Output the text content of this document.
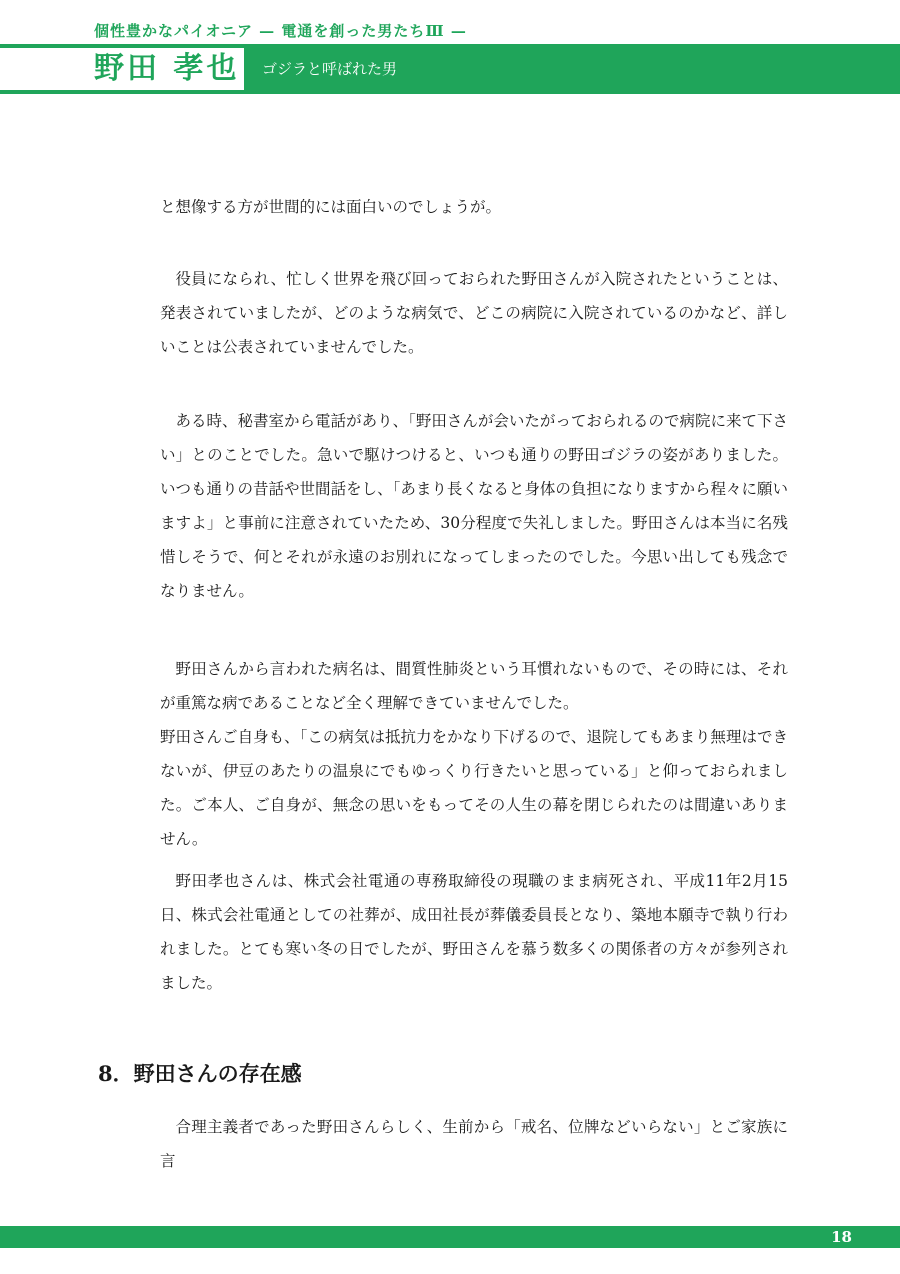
個性豊かなパイオニア — 電通を創った男たちⅢ —
野田 孝也 ゴジラと呼ばれた男

と想像する方が世間的には面白いのでしょうが。

役員になられ、忙しく世界を飛び回っておられた野田さんが入院されたということは、発表されていましたが、どのような病気で、どこの病院に入院されているのかなど、詳しいことは公表されていませんでした。

ある時、秘書室から電話があり、「野田さんが会いたがっておられるので病院に来て下さい」とのことでした。急いで駆けつけると、いつも通りの野田ゴジラの姿がありました。いつも通りの昔話や世間話をし、「あまり長くなると身体の負担になりますから程々に願いますよ」と事前に注意されていたため、30分程度で失礼しました。野田さんは本当に名残惜しそうで、何とそれが永遠のお別れになってしまったのでした。今思い出しても残念でなりません。

野田さんから言われた病名は、間質性肺炎という耳慣れないもので、その時には、それが重篤な病であることなど全く理解できていませんでした。

野田さんご自身も、「この病気は抵抗力をかなり下げるので、退院してもあまり無理はできないが、伊豆のあたりの温泉にでもゆっくり行きたいと思っている」と仰っておられました。ご本人、ご自身が、無念の思いをもってその人生の幕を閉じられたのは間違いありません。

野田孝也さんは、株式会社電通の専務取締役の現職のまま病死され、平成11年2月15日、株式会社電通としての社葬が、成田社長が葬儀委員長となり、築地本願寺で執り行われました。とても寒い冬の日でしたが、野田さんを慕う数多くの関係者の方々が参列されました。

8．野田さんの存在感

合理主義者であった野田さんらしく、生前から「戒名、位牌などいらない」とご家族に言

18
